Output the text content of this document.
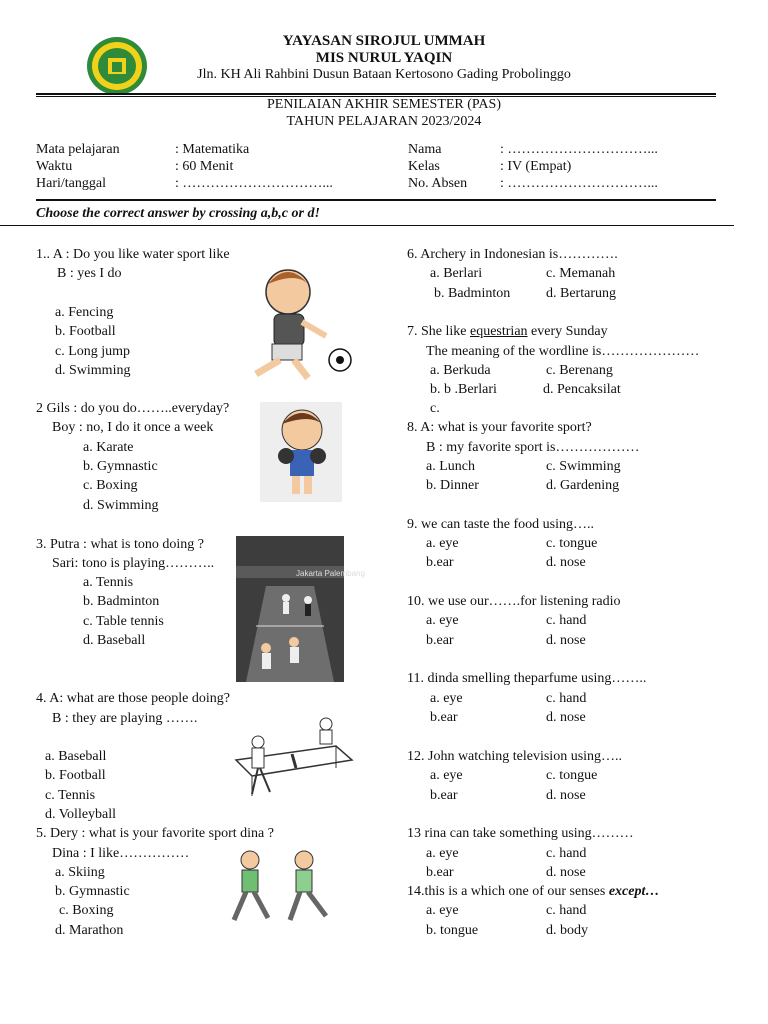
YAYASAN SIROJUL UMMAH
MIS NURUL YAQIN
Jln. KH Ali Rahbini Dusun Bataan Kertosono Gading Probolinggo
PENILAIAN AKHIR SEMESTER (PAS)
TAHUN PELAJARAN 2023/2024
Mata pelajaran	: Matematika
Waktu	: 60 Menit
Hari/tanggal	: …………………………...
Nama	: …………………………...
Kelas	: IV (Empat)
No. Absen : …………………………...
Choose the correct answer by crossing a,b,c or d!
1.. A : Do you like water sport like
B : yes I do
a. Fencing
b. Football
c. Long jump
d. Swimming
2 Gils : do you do……..everyday?
Boy : no, I do it once a week
a. Karate
b. Gymnastic
c. Boxing
d. Swimming
3. Putra : what is tono doing ?
Sari: tono is playing………..
a. Tennis
b. Badminton
c. Table tennis
d. Baseball
Jakarta Palembang
4. A: what are those people doing?
B : they are playing …….
a. Baseball
b. Football
c. Tennis
d. Volleyball
5. Dery : what is your favorite sport dina ?
Dina : I like……………
a. Skiing
b. Gymnastic
c. Boxing
d. Marathon
6. Archery in Indonesian is………….
a. Berlari	c. Memanah
b. Badminton	d. Bertarung
7. She like equestrian every Sunday
The meaning of the wordline is…………………
a. Berkuda	c. Berenang
b. b .Berlari	d. Pencaksilat
c.
8. A: what is your favorite sport?
B : my favorite sport is………………
a. Lunch	c. Swimming
b. Dinner	d. Gardening
9. we can taste the food using…..
a. eye	c. tongue
b.ear	d. nose
10. we use our…….for listening radio
a. eye	c. hand
b.ear	d. nose
11. dinda smelling theparfume using……..
a. eye	c. hand
b.ear	d. nose
12. John watching television using…..
a. eye	c. tongue
b.ear	d. nose
13 rina can take something using………
a. eye	c. hand
b.ear	d. nose
14.this is a which one of our senses except…
a. eye	c. hand
b. tongue	d. body
